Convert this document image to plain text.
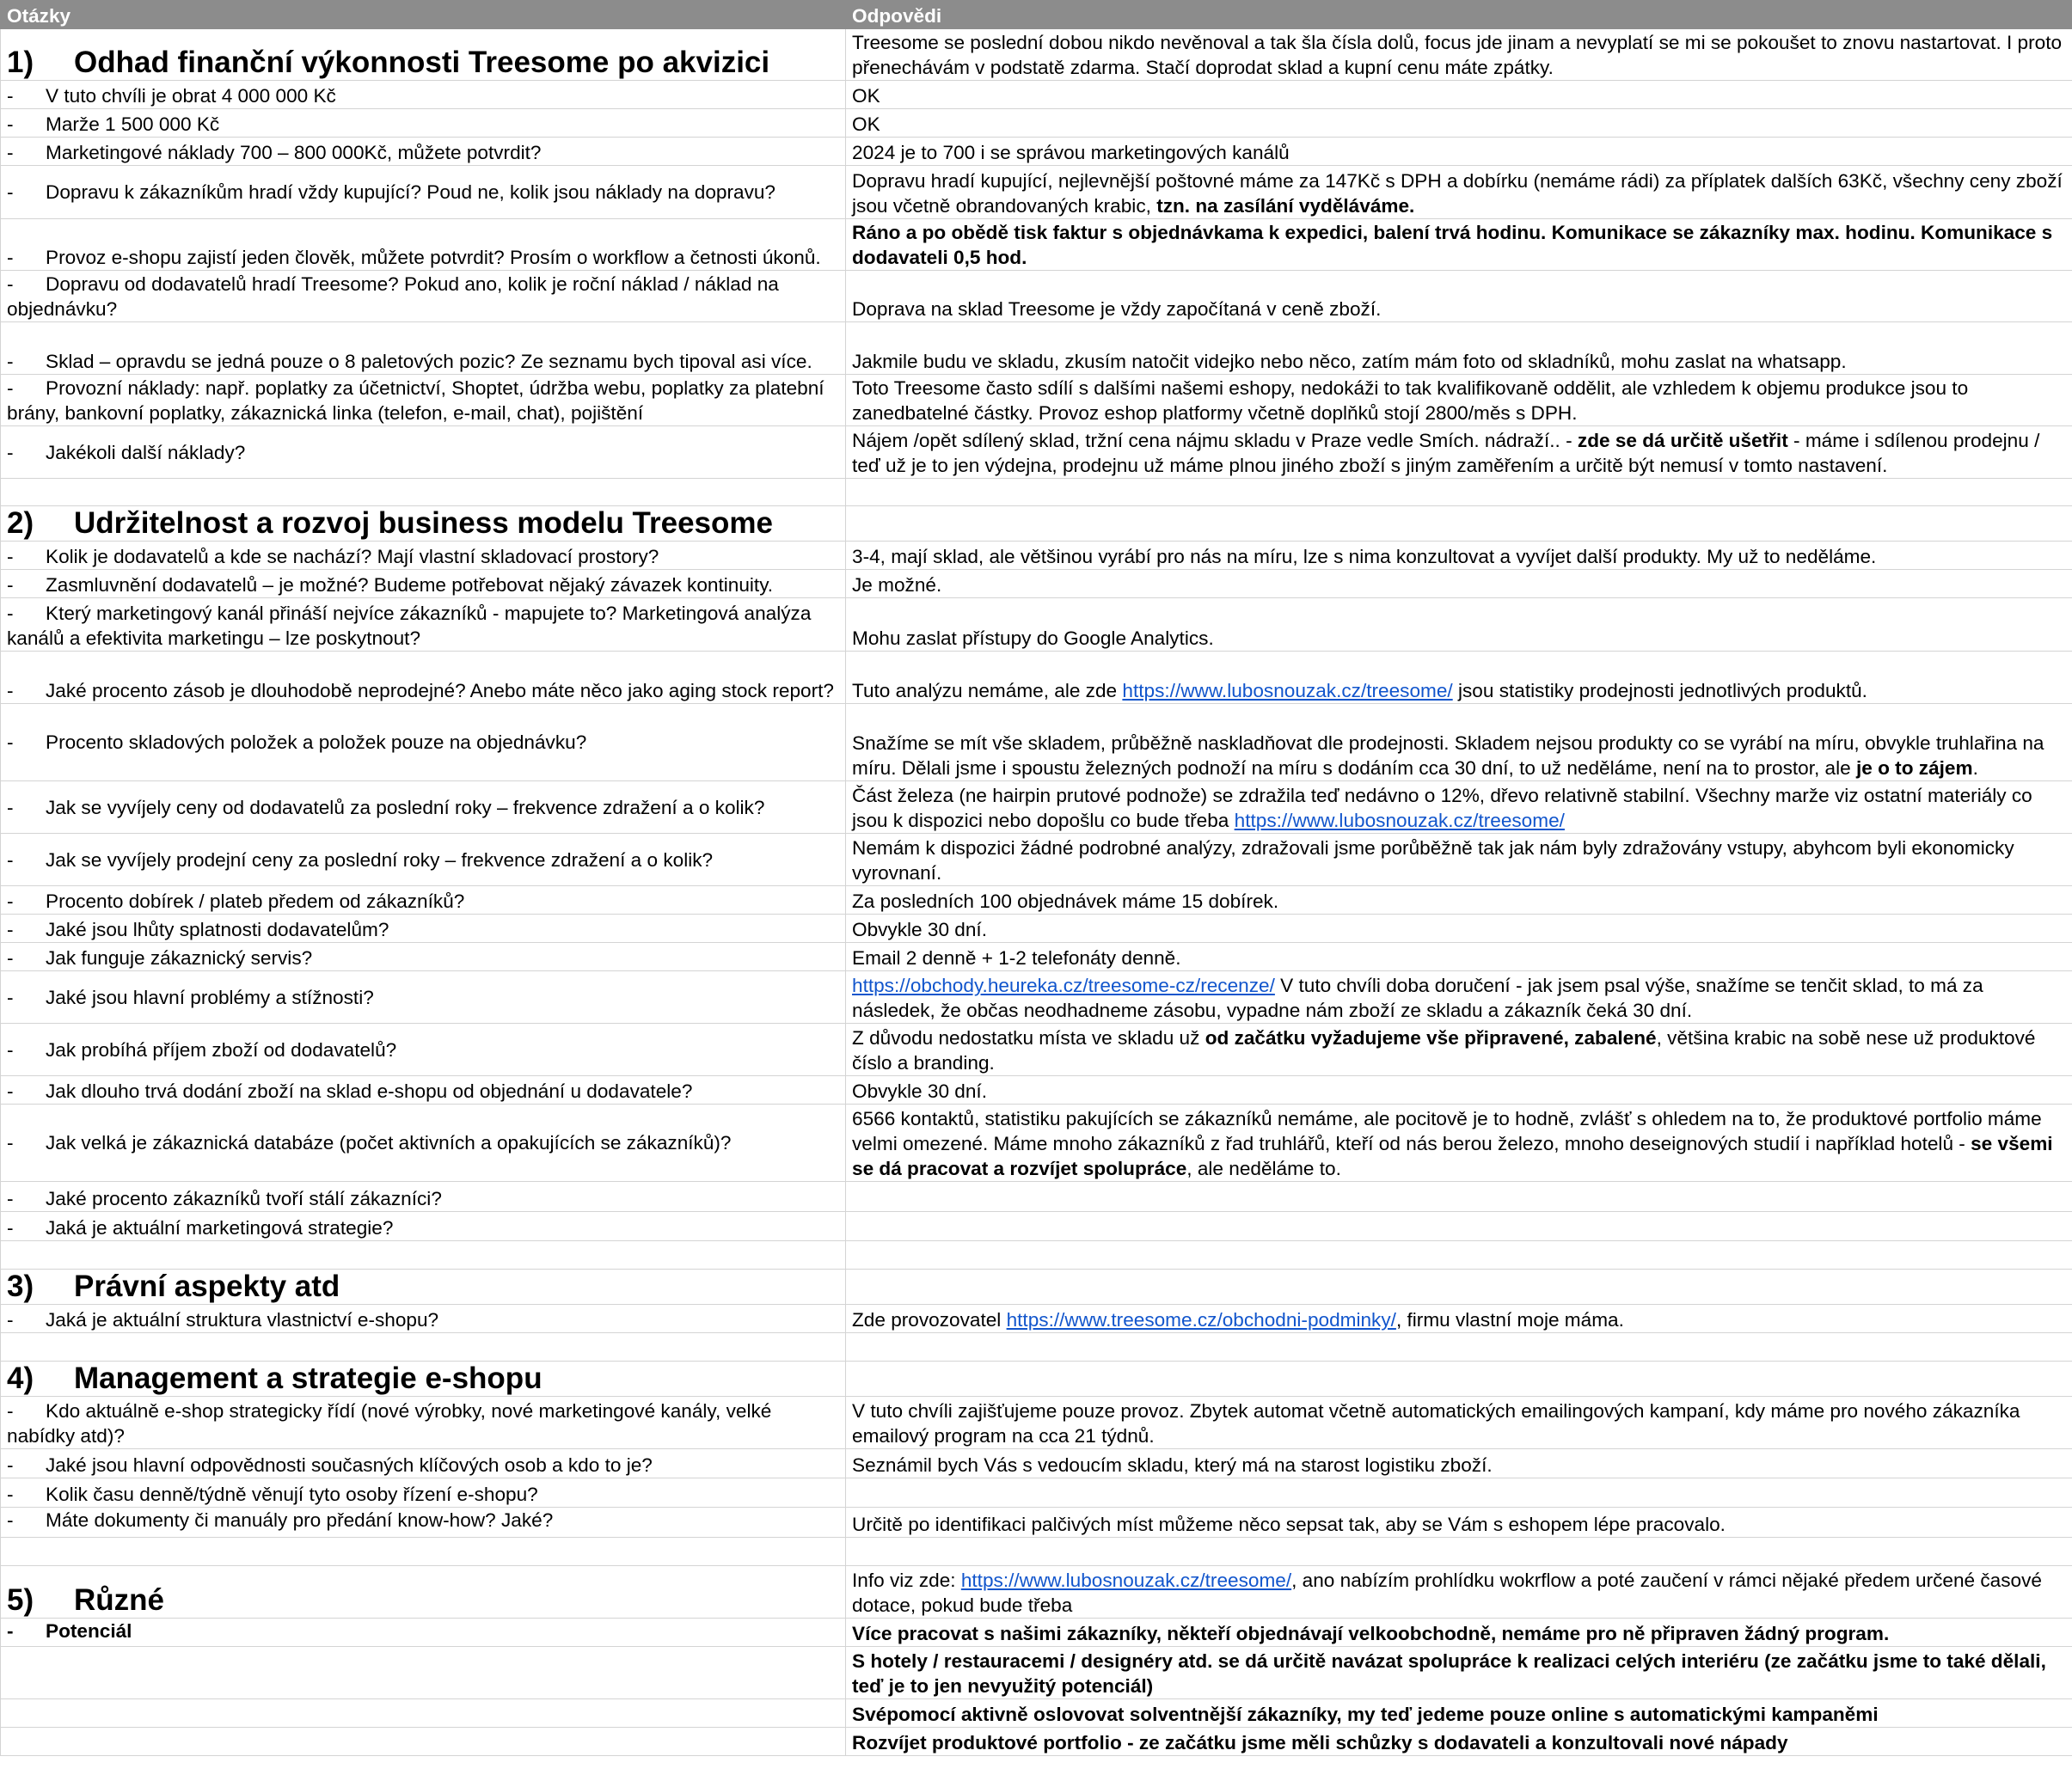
Otázky	Odpovědi
1) Odhad finanční výkonnosti Treesome po akvizici	Treesome se poslední dobou nikdo nevěnoval a tak šla čísla dolů, focus jde jinam a nevyplatí se mi se pokoušet to znovu nastartovat. I proto přenechávám v podstatě zdarma. Stačí doprodat sklad a kupní cenu máte zpátky.
- V tuto chvíli je obrat 4 000 000 Kč	OK
- Marže 1 500 000 Kč	OK
- Marketingové náklady 700 – 800 000Kč, můžete potvrdit?	2024 je to 700 i se správou marketingových kanálů
- Dopravu k zákazníkům hradí vždy kupující? Poud ne, kolik jsou náklady na dopravu?	Dopravu hradí kupující, nejlevnější poštovné máme za 147Kč s DPH a dobírku (nemáme rádi) za příplatek dalších 63Kč, všechny ceny zboží jsou včetně obrandovaných krabic, tzn. na zasílání vyděláváme.
- Provoz e-shopu zajistí jeden člověk, můžete potvrdit? Prosím o workflow a četnosti úkonů.	Ráno a po obědě tisk faktur s objednávkama k expedici, balení trvá hodinu. Komunikace se zákazníky max. hodinu. Komunikace s dodavateli 0,5 hod.
- Dopravu od dodavatelů hradí Treesome? Pokud ano, kolik je roční náklad / náklad na objednávku?	Doprava na sklad Treesome je vždy započítaná v ceně zboží.
- Sklad – opravdu se jedná pouze o 8 paletových pozic? Ze seznamu bych tipoval asi více.	Jakmile budu ve skladu, zkusím natočit videjko nebo něco, zatím mám foto od skladníků, mohu zaslat na whatsapp.
- Provozní náklady: např. poplatky za účetnictví, Shoptet, údržba webu, poplatky za platební brány, bankovní poplatky, zákaznická linka (telefon, e-mail, chat), pojištění	Toto Treesome často sdílí s dalšími našemi eshopy, nedokáži to tak kvalifikovaně oddělit, ale vzhledem k objemu produkce jsou to zanedbatelné částky. Provoz eshop platformy včetně doplňků stojí 2800/měs s DPH.
- Jakékoli další náklady?	Nájem /opět sdílený sklad, tržní cena nájmu skladu v Praze vedle Smích. nádraží.. - zde se dá určitě ušetřit - máme i sdílenou prodejnu / teď už je to jen výdejna, prodejnu už máme plnou jiného zboží s jiným zaměřením a určitě být nemusí v tomto nastavení.

2) Udržitelnost a rozvoj business modelu Treesome	
- Kolik je dodavatelů a kde se nachází? Mají vlastní skladovací prostory?	3-4, mají sklad, ale většinou vyrábí pro nás na míru, lze s nima konzultovat a vyvíjet další produkty. My už to neděláme.
- Zasmluvnění dodavatelů – je možné? Budeme potřebovat nějaký závazek kontinuity.	Je možné.
- Který marketingový kanál přináší nejvíce zákazníků - mapujete to? Marketingová analýza kanálů a efektivita marketingu – lze poskytnout?	Mohu zaslat přístupy do Google Analytics.
- Jaké procento zásob je dlouhodobě neprodejné? Anebo máte něco jako aging stock report?	Tuto analýzu nemáme, ale zde https://www.lubosnouzak.cz/treesome/ jsou statistiky prodejnosti jednotlivých produktů.
- Procento skladových položek a položek pouze na objednávku?	Snažíme se mít vše skladem, průběžně naskladňovat dle prodejnosti. Skladem nejsou produkty co se vyrábí na míru, obvykle truhlařina na míru. Dělali jsme i spoustu železných podnoží na míru s dodáním cca 30 dní, to už neděláme, není na to prostor, ale je o to zájem.
- Jak se vyvíjely ceny od dodavatelů za poslední roky – frekvence zdražení a o kolik?	Část železa (ne hairpin prutové podnože) se zdražila teď nedávno o 12%, dřevo relativně stabilní. Všechny marže viz ostatní materiály co jsou k dispozici nebo dopošlu co bude třeba https://www.lubosnouzak.cz/treesome/
- Jak se vyvíjely prodejní ceny za poslední roky – frekvence zdražení a o kolik?	Nemám k dispozici žádné podrobné analýzy, zdražovali jsme porůběžně tak jak nám byly zdražovány vstupy, abyhcom byli ekonomicky vyrovnaní.
- Procento dobírek / plateb předem od zákazníků?	Za posledních 100 objednávek máme 15 dobírek.
- Jaké jsou lhůty splatnosti dodavatelům?	Obvykle 30 dní.
- Jak funguje zákaznický servis?	Email 2 denně + 1-2 telefonáty denně.
- Jaké jsou hlavní problémy a stížnosti?	https://obchody.heureka.cz/treesome-cz/recenze/ V tuto chvíli doba doručení - jak jsem psal výše, snažíme se tenčit sklad, to má za následek, že občas neodhadneme zásobu, vypadne nám zboží ze skladu a zákazník čeká 30 dní.
- Jak probíhá příjem zboží od dodavatelů?	Z důvodu nedostatku místa ve skladu už od začátku vyžadujeme vše připravené, zabalené, většina krabic na sobě nese už produktové číslo a branding.
- Jak dlouho trvá dodání zboží na sklad e-shopu od objednání u dodavatele?	Obvykle 30 dní.
- Jak velká je zákaznická databáze (počet aktivních a opakujících se zákazníků)?	6566 kontaktů, statistiku pakujících se zákazníků nemáme, ale pocitově je to hodně, zvlášť s ohledem na to, že produktové portfolio máme velmi omezené. Máme mnoho zákazníků z řad truhlářů, kteří od nás berou železo, mnoho deseignových studií i například hotelů - se všemi se dá pracovat a rozvíjet spolupráce, ale neděláme to.
- Jaké procento zákazníků tvoří stálí zákazníci?	
- Jaká je aktuální marketingová strategie?	

3) Právní aspekty atd	
- Jaká je aktuální struktura vlastnictví e-shopu?	Zde provozovatel https://www.treesome.cz/obchodni-podminky/, firmu vlastní moje máma.

4) Management a strategie e-shopu	
- Kdo aktuálně e-shop strategicky řídí (nové výrobky, nové marketingové kanály, velké nabídky atd)?	V tuto chvíli zajišťujeme pouze provoz. Zbytek automat včetně automatických emailingových kampaní, kdy máme pro nového zákazníka emailový program na cca 21 týdnů.
- Jaké jsou hlavní odpovědnosti současných klíčových osob a kdo to je?	Seznámil bych Vás s vedoucím skladu, který má na starost logistiku zboží.
- Kolik času denně/týdně věnují tyto osoby řízení e-shopu?	
- Máte dokumenty či manuály pro předání know-how? Jaké?	Určitě po identifikaci palčivých míst můžeme něco sepsat tak, aby se Vám s eshopem lépe pracovalo.

5) Různé	Info viz zde: https://www.lubosnouzak.cz/treesome/, ano nabízím prohlídku wokrflow a poté zaučení v rámci nějaké předem určené časové dotace, pokud bude třeba
- Potenciál	Více pracovat s našimi zákazníky, někteří objednávají velkoobchodně, nemáme pro ně připraven žádný program.
	S hotely / restauracemi / designéry atd. se dá určitě navázat spolupráce k realizaci celých interiéru (ze začátku jsme to také dělali, teď je to jen nevyužitý potenciál)
	Svépomocí aktivně oslovovat solventnější zákazníky, my teď jedeme pouze online s automatickými kampaněmi
	Rozvíjet produktové portfolio - ze začátku jsme měli schůzky s dodavateli a konzultovali nové nápady
